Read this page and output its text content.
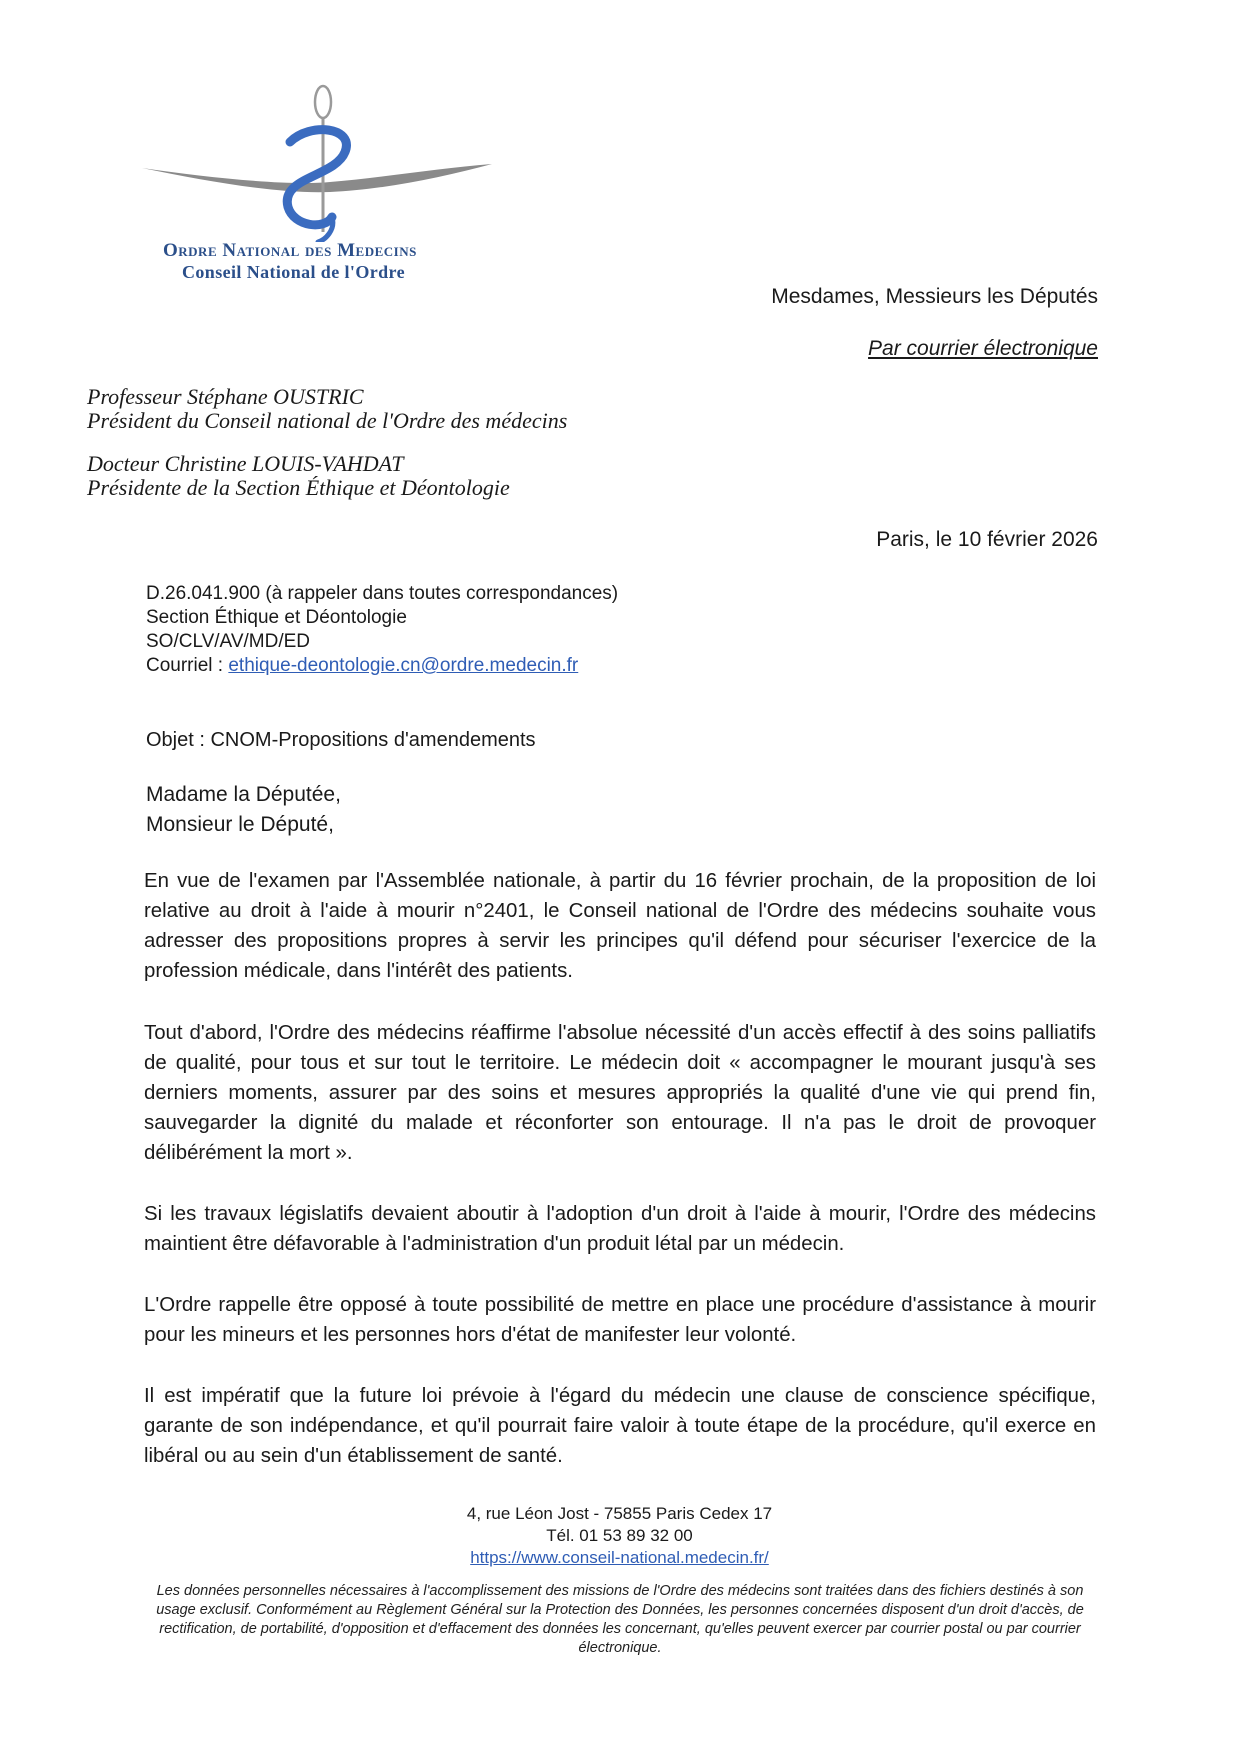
Ordre National des Medecins
Conseil National de l'Ordre
Mesdames, Messieurs les Députés
Par courrier électronique
Professeur Stéphane OUSTRIC
Président du Conseil national de l'Ordre des médecins
Docteur Christine LOUIS-VAHDAT
Présidente de la Section Éthique et Déontologie
Paris, le 10 février 2026
D.26.041.900 (à rappeler dans toutes correspondances)
Section Éthique et Déontologie
SO/CLV/AV/MD/ED
Courriel : ethique-deontologie.cn@ordre.medecin.fr
Objet : CNOM-Propositions d'amendements
Madame la Députée,
Monsieur le Député,

En vue de l'examen par l'Assemblée nationale, à partir du 16 février prochain, de la proposition de loi relative au droit à l'aide à mourir n°2401, le Conseil national de l'Ordre des médecins souhaite vous adresser des propositions propres à servir les principes qu'il défend pour sécuriser l'exercice de la profession médicale, dans l'intérêt des patients.

Tout d'abord, l'Ordre des médecins réaffirme l'absolue nécessité d'un accès effectif à des soins palliatifs de qualité, pour tous et sur tout le territoire. Le médecin doit « accompagner le mourant jusqu'à ses derniers moments, assurer par des soins et mesures appropriés la qualité d'une vie qui prend fin, sauvegarder la dignité du malade et réconforter son entourage. Il n'a pas le droit de provoquer délibérément la mort ».

Si les travaux législatifs devaient aboutir à l'adoption d'un droit à l'aide à mourir, l'Ordre des médecins maintient être défavorable à l'administration d'un produit létal par un médecin.

L'Ordre rappelle être opposé à toute possibilité de mettre en place une procédure d'assistance à mourir pour les mineurs et les personnes hors d'état de manifester leur volonté.

Il est impératif que la future loi prévoie à l'égard du médecin une clause de conscience spécifique, garante de son indépendance, et qu'il pourrait faire valoir à toute étape de la procédure, qu'il exerce en libéral ou au sein d'un établissement de santé.

4, rue Léon Jost - 75855 Paris Cedex 17
Tél. 01 53 89 32 00
https://www.conseil-national.medecin.fr/
Les données personnelles nécessaires à l'accomplissement des missions de l'Ordre des médecins sont traitées dans des fichiers destinés à son usage exclusif. Conformément au Règlement Général sur la Protection des Données, les personnes concernées disposent d'un droit d'accès, de rectification, de portabilité, d'opposition et d'effacement des données les concernant, qu'elles peuvent exercer par courrier postal ou par courrier électronique.
